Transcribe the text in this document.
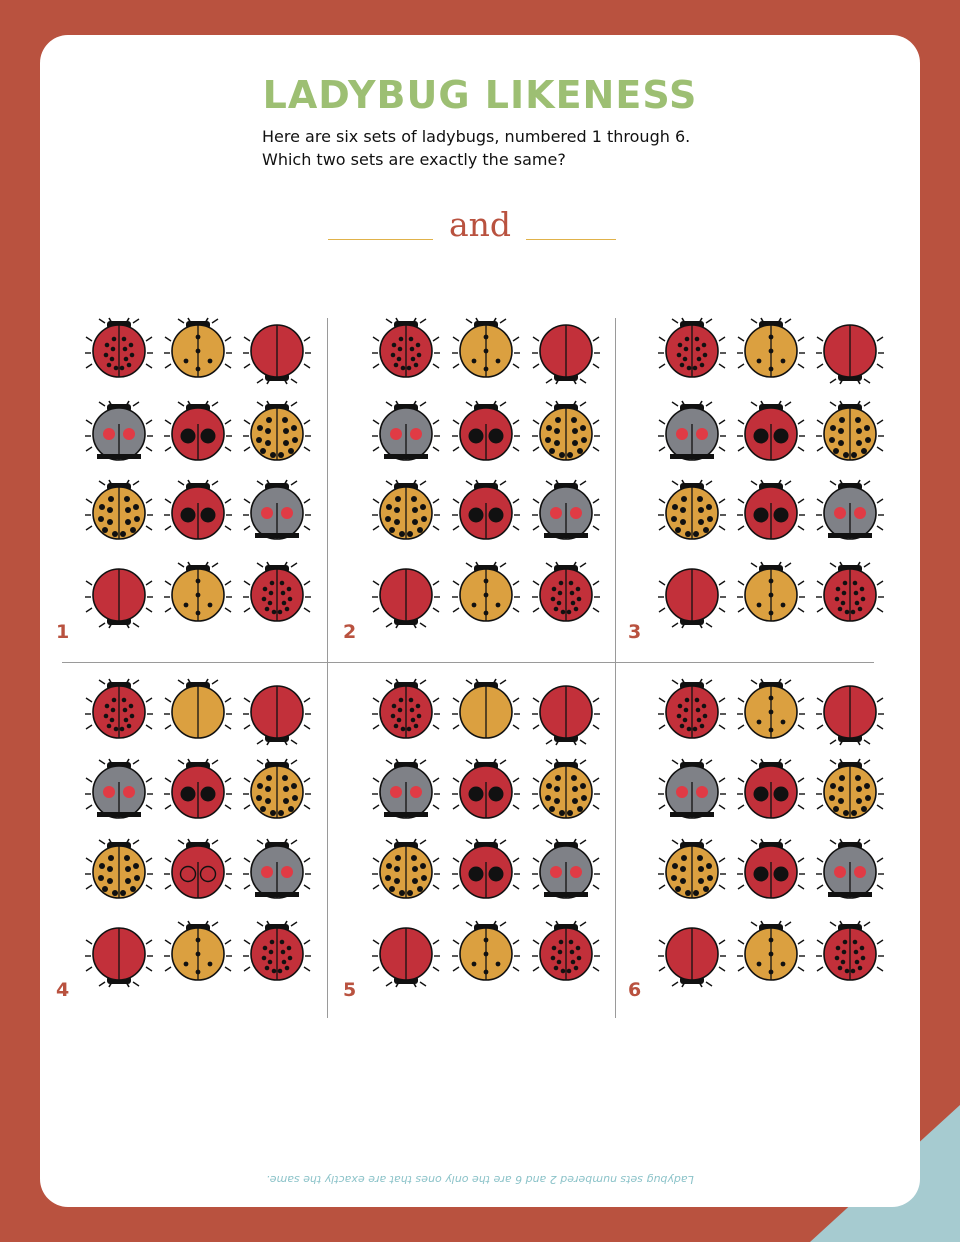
LADYBUG LIKENESS
Here are six sets of ladybugs, numbered 1 through 6.
Which two sets are exactly the same?
and
Ladybug sets numbered 2 and 6 are the only ones that are exactly the same.
1	2	3
4	5	6
